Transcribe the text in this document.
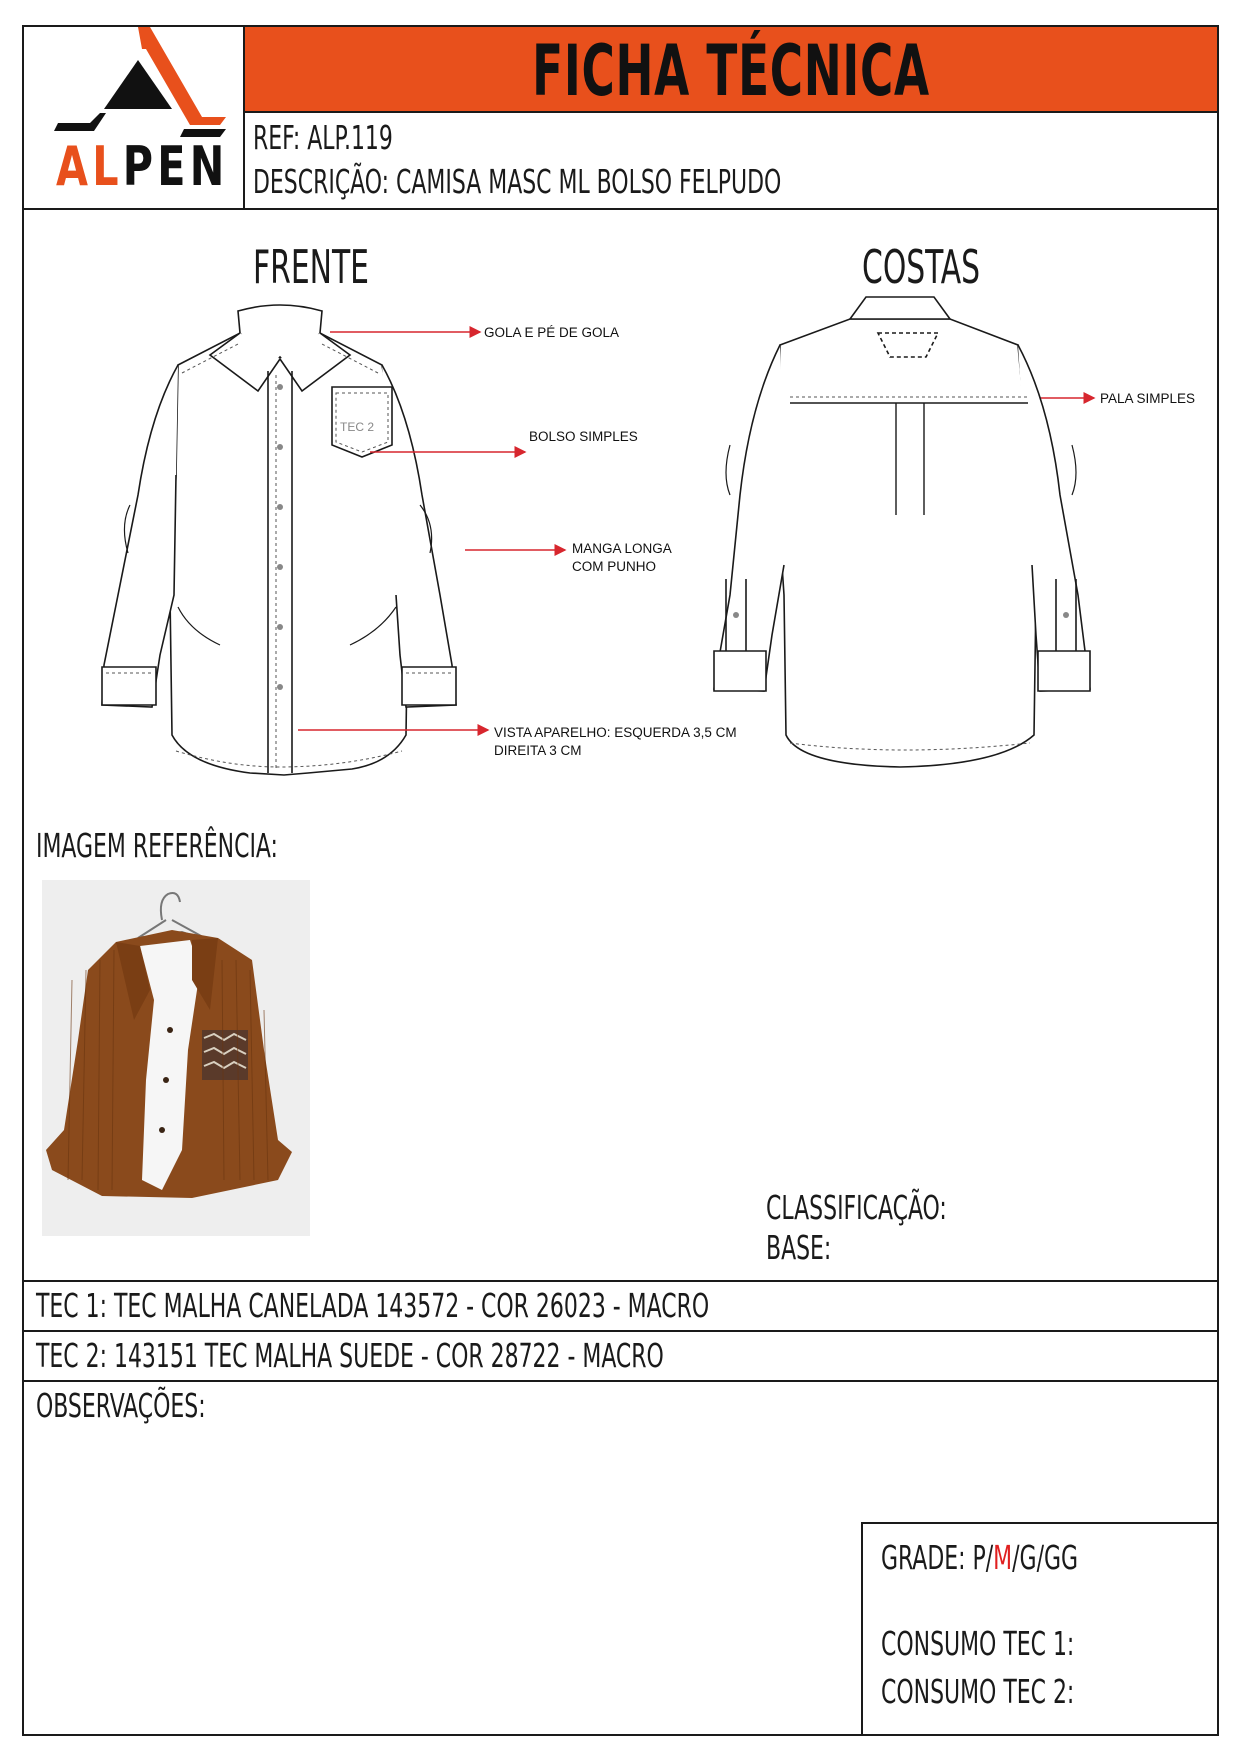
FICHA TÉCNICA
ALPEN REF: ALP.119
DESCRIÇÃO: CAMISA MASC ML BOLSO FELPUDO
FRENTE	COSTAS
TEC 2
GOLA E PÉ DE GOLA
BOLSO SIMPLES
MANGA LONGA
COM PUNHO
VISTA APARELHO: ESQUERDA 3,5 CM
DIREITA 3 CM
PALA SIMPLES
IMAGEM REFERÊNCIA:
CLASSIFICAÇÃO:
BASE:
TEC 1: TEC MALHA CANELADA 143572 - COR 26023 - MACRO
TEC 2: 143151 TEC MALHA SUEDE - COR 28722 - MACRO
OBSERVAÇÕES:
GRADE: P/M/G/GG
CONSUMO TEC 1:
CONSUMO TEC 2:
